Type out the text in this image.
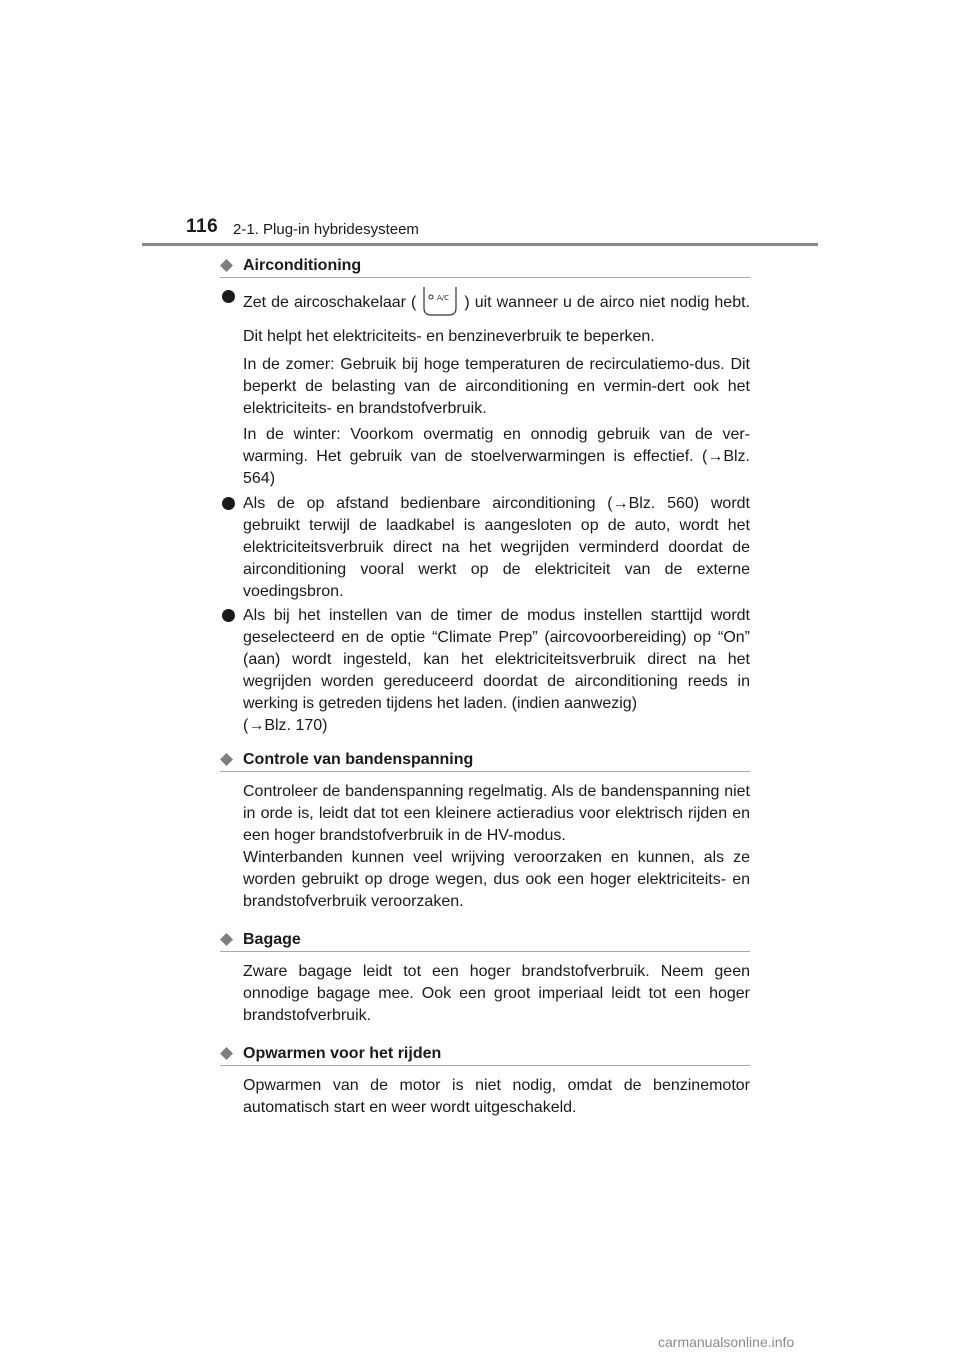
116 2-1. Plug-in hybridesysteem
Airconditioning

Zet de aircoschakelaar (	A/C ) uit wanneer u de airco niet nodig hebt. Dit helpt het elektriciteits- en benzineverbruik te beperken.

In de zomer: Gebruik bij hoge temperaturen de recirculatiemo-dus. Dit beperkt de belasting van de airconditioning en vermin-dert ook het elektriciteits- en brandstofverbruik.

In de winter: Voorkom overmatig en onnodig gebruik van de ver-warming. Het gebruik van de stoelverwarmingen is effectief. (→Blz. 564)

Als de op afstand bedienbare airconditioning (→Blz. 560) wordt gebruikt terwijl de laadkabel is aangesloten op de auto, wordt het elektriciteitsverbruik direct na het wegrijden verminderd doordat de airconditioning vooral werkt op de elektriciteit van de externe voedingsbron.

Als bij het instellen van de timer de modus instellen starttijd wordt geselecteerd en de optie “Climate Prep” (aircovoorbereiding) op “On” (aan) wordt ingesteld, kan het elektriciteitsverbruik direct na het wegrijden worden gereduceerd doordat de airconditioning reeds in werking is getreden tijdens het laden. (indien aanwezig)

(→Blz. 170)

Controle van bandenspanning

Controleer de bandenspanning regelmatig. Als de bandenspanning niet in orde is, leidt dat tot een kleinere actieradius voor elektrisch rijden en een hoger brandstofverbruik in de HV-modus.

Winterbanden kunnen veel wrijving veroorzaken en kunnen, als ze worden gebruikt op droge wegen, dus ook een hoger elektriciteits- en brandstofverbruik veroorzaken.

Bagage

Zware bagage leidt tot een hoger brandstofverbruik. Neem geen onnodige bagage mee. Ook een groot imperiaal leidt tot een hoger brandstofverbruik.

Opwarmen voor het rijden

Opwarmen van de motor is niet nodig, omdat de benzinemotor automatisch start en weer wordt uitgeschakeld.

carmanualsonline.info
